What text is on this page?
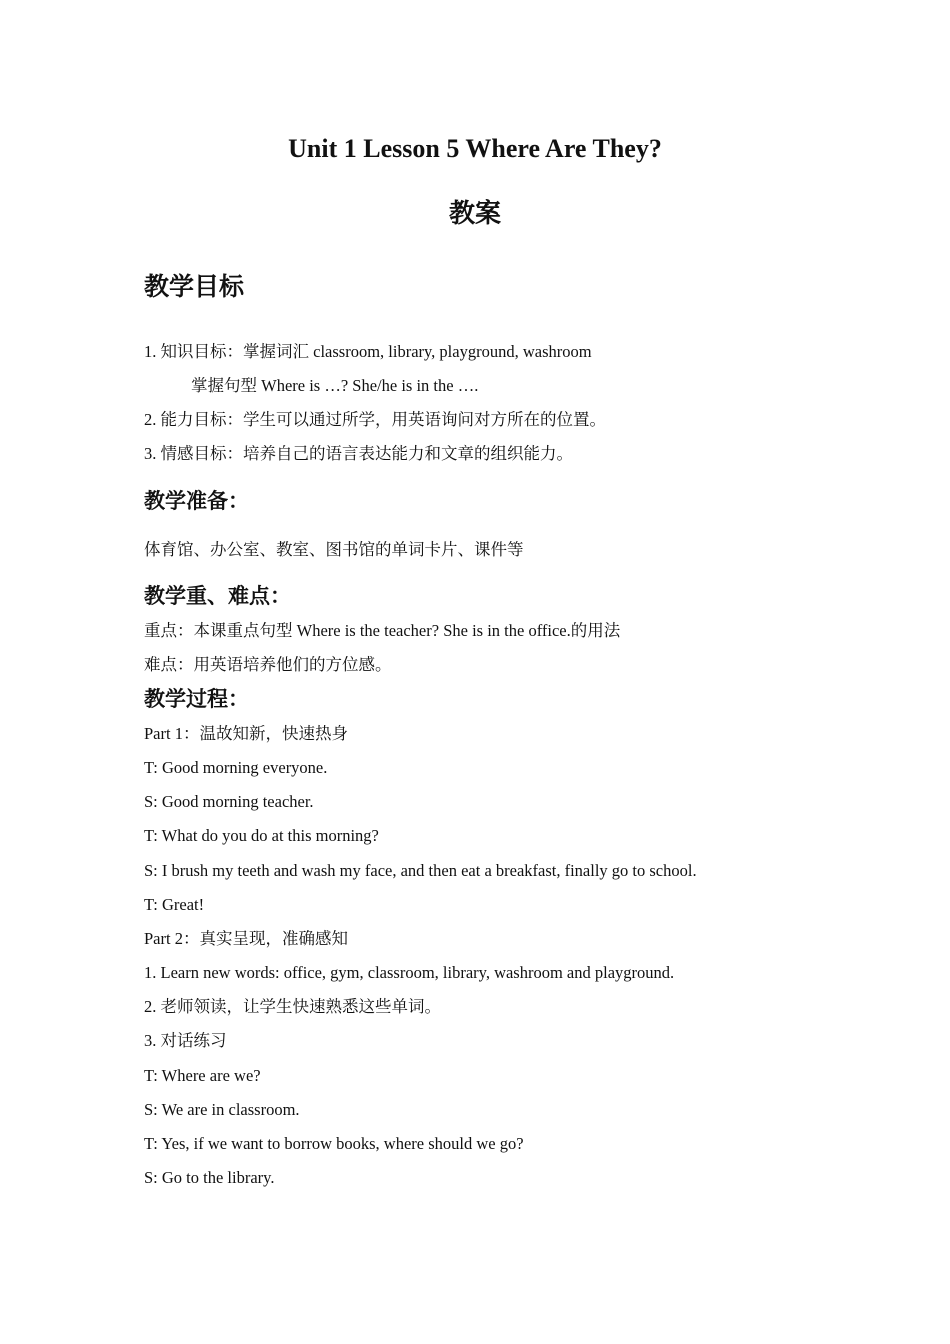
Unit 1 Lesson 5 Where Are They?
教案
教学目标
1. 知识目标：掌握词汇 classroom, library, playground, washroom
掌握句型 Where is …? She/he is in the ….
2. 能力目标：学生可以通过所学，用英语询问对方所在的位置。
3. 情感目标：培养自己的语言表达能力和文章的组织能力。
教学准备：
体育馆、办公室、教室、图书馆的单词卡片、课件等
教学重、难点：
重点：本课重点句型 Where is the teacher? She is in the office.的用法
难点：用英语培养他们的方位感。
教学过程：
Part 1：温故知新，快速热身
T: Good morning everyone.
S: Good morning teacher.
T: What do you do at this morning?
S: I brush my teeth and wash my face, and then eat a breakfast, finally go to school.
T: Great!
Part 2：真实呈现，准确感知
1. Learn new words: office, gym, classroom, library, washroom and playground.
2. 老师领读，让学生快速熟悉这些单词。
3. 对话练习
T: Where are we?
S: We are in classroom.
T: Yes, if we want to borrow books, where should we go?
S: Go to the library.
